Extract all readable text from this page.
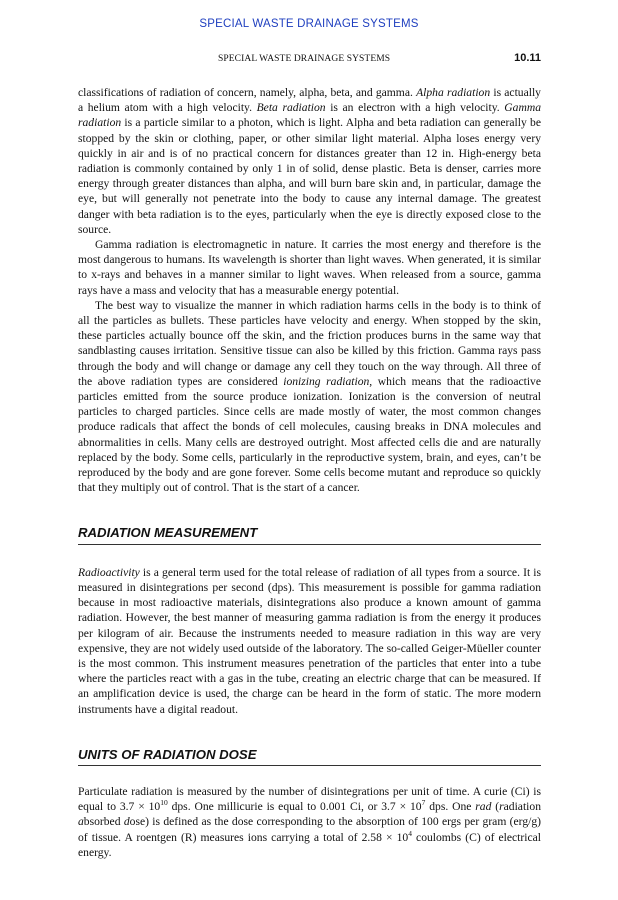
SPECIAL WASTE DRAINAGE SYSTEMS
SPECIAL WASTE DRAINAGE SYSTEMS	10.11

classifications of radiation of concern, namely, alpha, beta, and gamma. Alpha radiation is actually a helium atom with a high velocity. Beta radiation is an electron with a high velocity. Gamma radiation is a particle similar to a photon, which is light. Alpha and beta radiation can generally be stopped by the skin or clothing, paper, or other similar light material. Alpha loses energy very quickly in air and is of no practical concern for distances greater than 12 in. High-energy beta radiation is commonly contained by only 1 in of solid, dense plastic. Beta is denser, carries more energy through greater distances than alpha, and will burn bare skin and, in particular, damage the eye, but will generally not penetrate into the body to cause any internal damage. The greatest danger with beta radiation is to the eyes, particularly when the eye is directly exposed close to the source.

Gamma radiation is electromagnetic in nature. It carries the most energy and therefore is the most dangerous to humans. Its wavelength is shorter than light waves. When generated, it is similar to x-rays and behaves in a manner similar to light waves. When released from a source, gamma rays have a mass and velocity that has a measurable energy potential.

The best way to visualize the manner in which radiation harms cells in the body is to think of all the particles as bullets. These particles have velocity and energy. When stopped by the skin, these particles actually bounce off the skin, and the friction produces burns in the same way that sandblasting causes irritation. Sensitive tissue can also be killed by this friction. Gamma rays pass through the body and will change or damage any cell they touch on the way through. All three of the above radiation types are considered ionizing radiation, which means that the radioactive particles emitted from the source produce ionization. Ionization is the conversion of neutral particles to charged particles. Since cells are made mostly of water, the most common changes produce radicals that affect the bonds of cell molecules, causing breaks in DNA molecules and abnormalities in cells. Many cells are destroyed outright. Most affected cells die and are naturally replaced by the body. Some cells, particularly in the reproductive system, brain, and eyes, can’t be reproduced by the body and are gone forever. Some cells become mutant and reproduce so quickly that they multiply out of control. That is the start of a cancer.

RADIATION MEASUREMENT

Radioactivity is a general term used for the total release of radiation of all types from a source. It is measured in disintegrations per second (dps). This measurement is possible for gamma radiation because in most radioactive materials, disintegrations also produce a known amount of gamma radiation. However, the best manner of measuring gamma radiation is from the energy it produces per kilogram of air. Because the instruments needed to measure radiation in this way are very expensive, they are not widely used outside of the laboratory. The so-called Geiger-Müeller counter is the most common. This instrument measures penetration of the particles that enter into a tube where the particles react with a gas in the tube, creating an electric charge that can be measured. If an amplification device is used, the charge can be heard in the form of static. The more modern instruments have a digital readout.

UNITS OF RADIATION DOSE

Particulate radiation is measured by the number of disintegrations per unit of time. A curie (Ci) is equal to $3.7 \times 10^{10}$ dps. One millicurie is equal to 0.001 Ci, or $3.7 \times 10^7$ dps. One rad (radiation absorbed dose) is defined as the dose corresponding to the absorption of 100 ergs per gram (erg/g) of tissue. A roentgen (R) measures ions carrying a total of $2.58 \times 10^4$ coulombs (C) of electrical energy.
